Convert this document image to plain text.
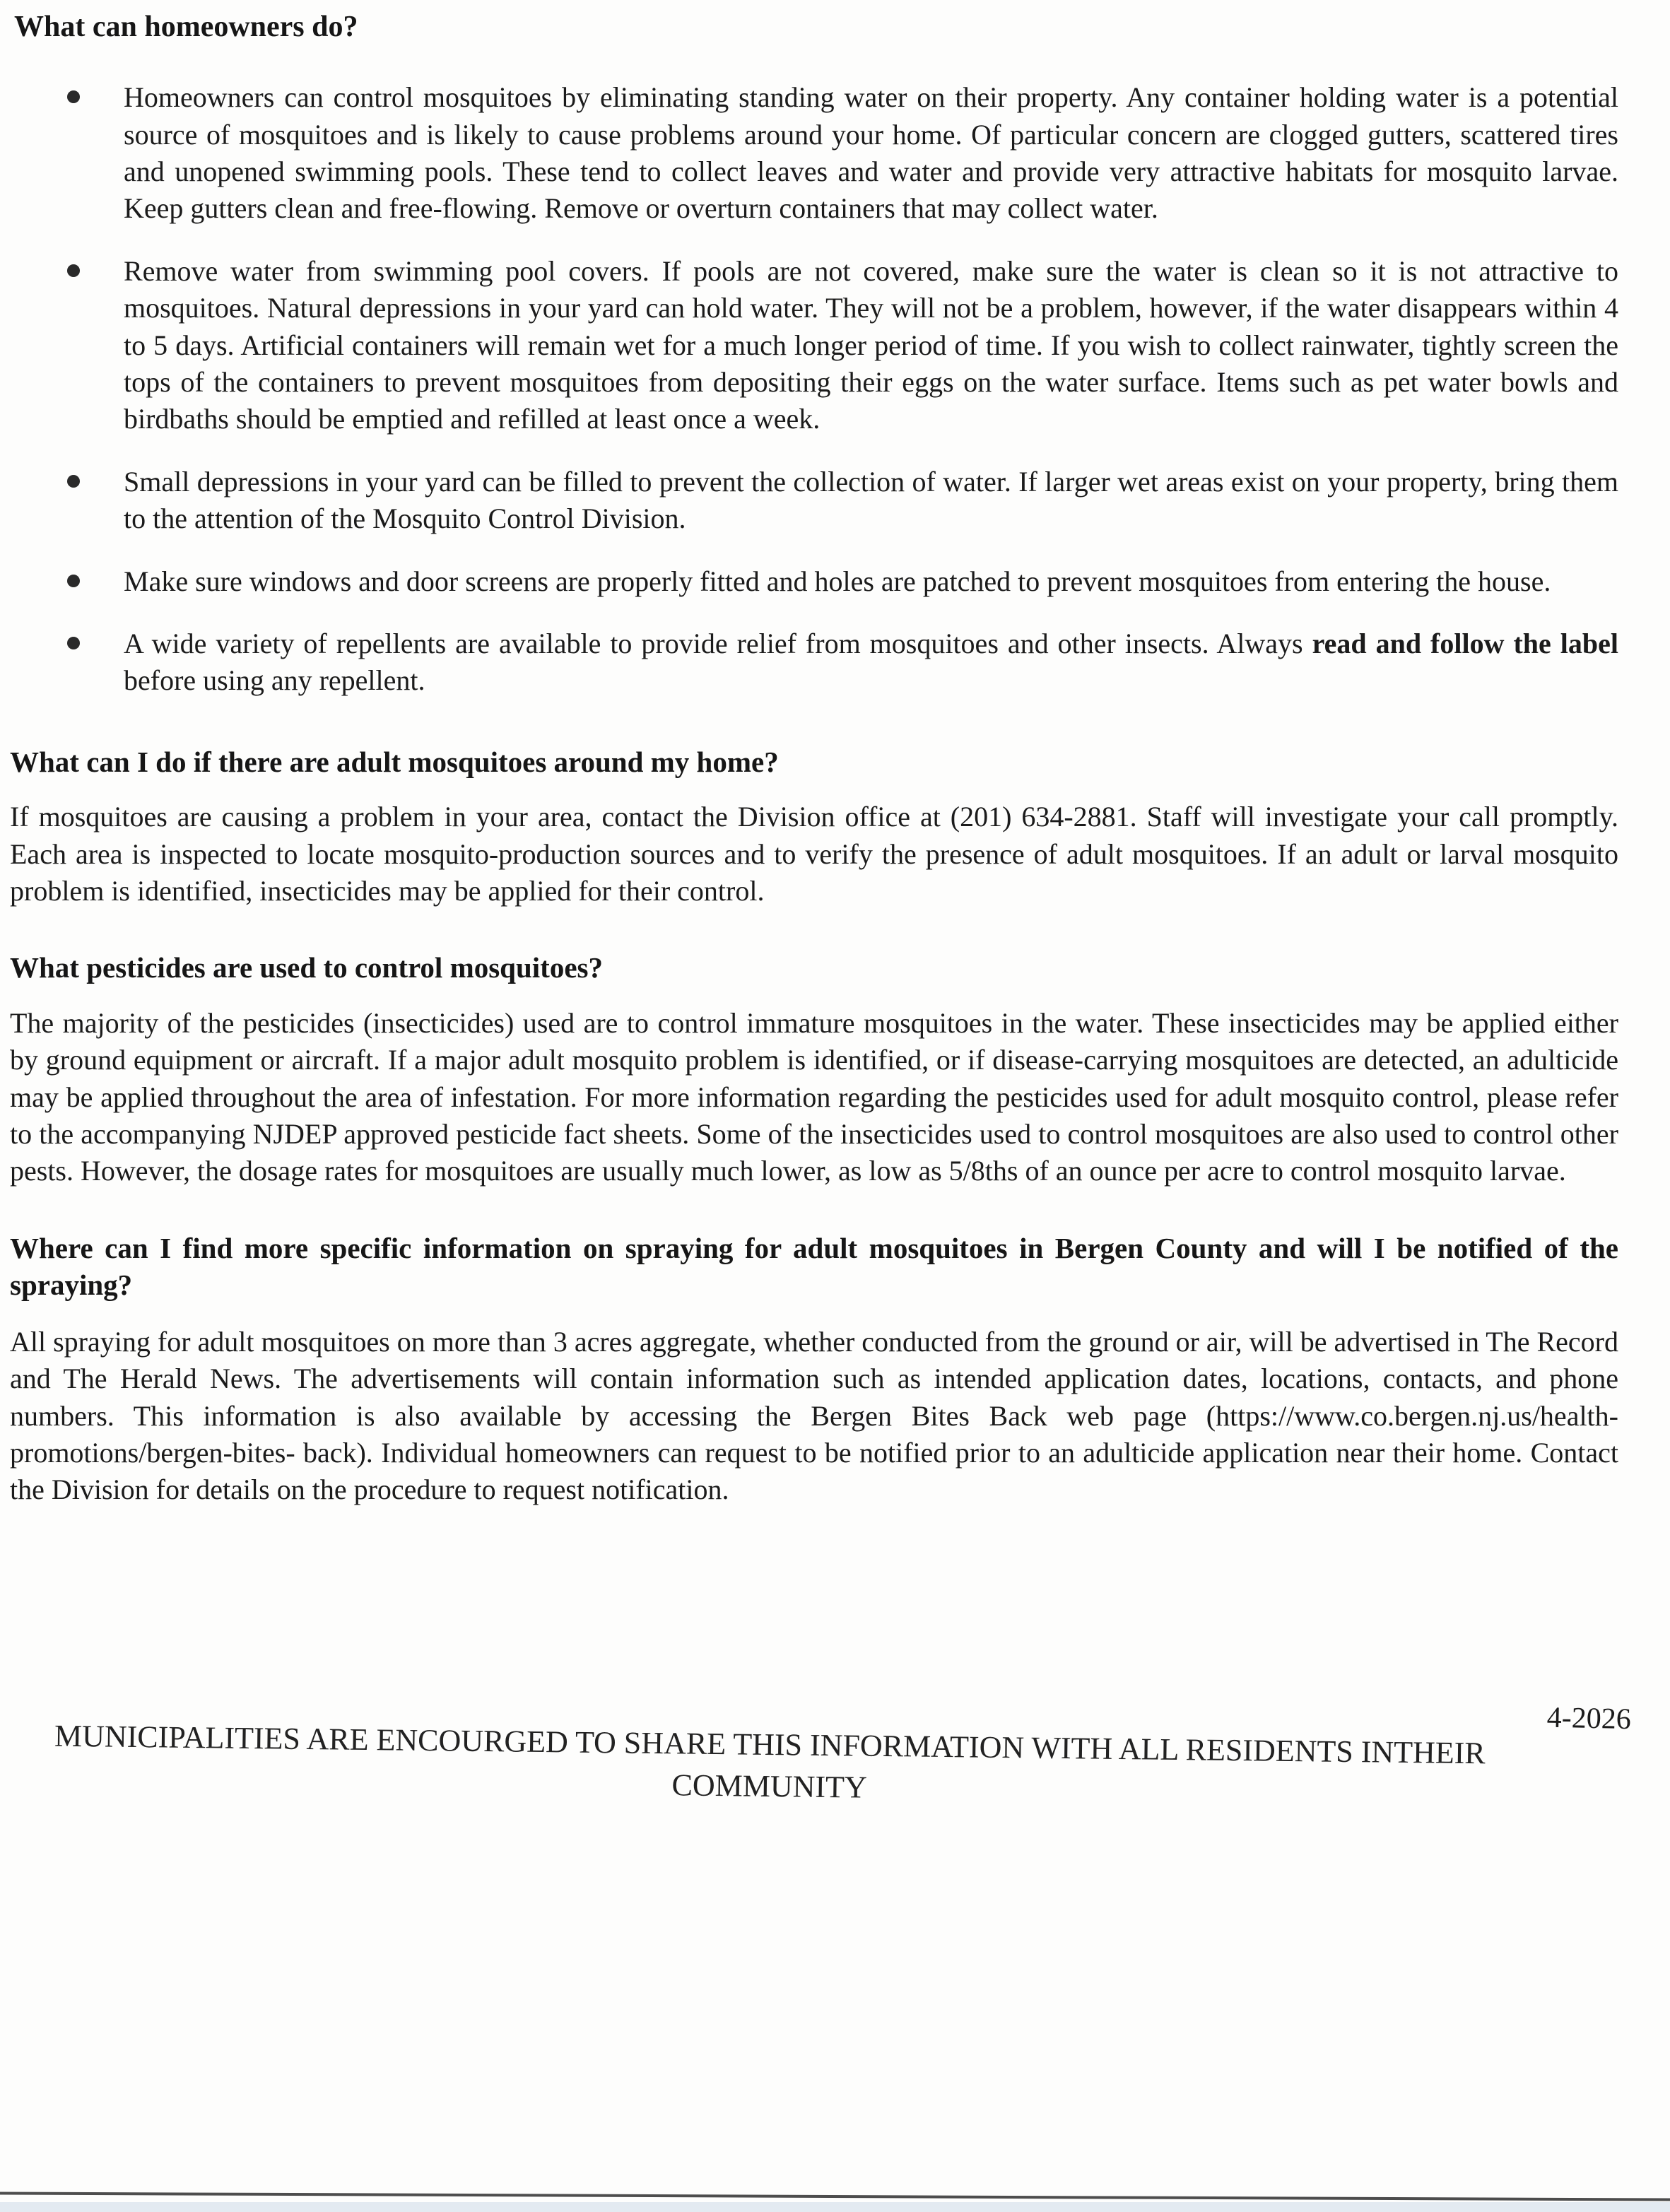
What can homeowners do?
Homeowners can control mosquitoes by eliminating standing water on their property. Any container holding water is a potential source of mosquitoes and is likely to cause problems around your home. Of particular concern are clogged gutters, scattered tires and unopened swimming pools. These tend to collect leaves and water and provide very attractive habitats for mosquito larvae. Keep gutters clean and free-flowing. Remove or overturn containers that may collect water.
Remove water from swimming pool covers. If pools are not covered, make sure the water is clean so it is not attractive to mosquitoes. Natural depressions in your yard can hold water. They will not be a problem, however, if the water disappears within 4 to 5 days. Artificial containers will remain wet for a much longer period of time. If you wish to collect rainwater, tightly screen the tops of the containers to prevent mosquitoes from depositing their eggs on the water surface. Items such as pet water bowls and birdbaths should be emptied and refilled at least once a week.
Small depressions in your yard can be filled to prevent the collection of water. If larger wet areas exist on your property, bring them to the attention of the Mosquito Control Division.
Make sure windows and door screens are properly fitted and holes are patched to prevent mosquitoes from entering the house.
A wide variety of repellents are available to provide relief from mosquitoes and other insects. Always read and follow the label before using any repellent.
What can I do if there are adult mosquitoes around my home?

If mosquitoes are causing a problem in your area, contact the Division office at (201) 634-2881. Staff will investigate your call promptly. Each area is inspected to locate mosquito-production sources and to verify the presence of adult mosquitoes. If an adult or larval mosquito problem is identified, insecticides may be applied for their control.

What pesticides are used to control mosquitoes?

The majority of the pesticides (insecticides) used are to control immature mosquitoes in the water. These insecticides may be applied either by ground equipment or aircraft. If a major adult mosquito problem is identified, or if disease-carrying mosquitoes are detected, an adulticide may be applied throughout the area of infestation. For more information regarding the pesticides used for adult mosquito control, please refer to the accompanying NJDEP approved pesticide fact sheets. Some of the insecticides used to control mosquitoes are also used to control other pests. However, the dosage rates for mosquitoes are usually much lower, as low as 5/8ths of an ounce per acre to control mosquito larvae.

Where can I find more specific information on spraying for adult mosquitoes in Bergen County and will I be notified of the spraying?

All spraying for adult mosquitoes on more than 3 acres aggregate, whether conducted from the ground or air, will be advertised in The Record and The Herald News. The advertisements will contain information such as intended application dates, locations, contacts, and phone numbers. This information is also available by accessing the Bergen Bites Back web page (https://www.co.bergen.nj.us/health-promotions/bergen-bites- back). Individual homeowners can request to be notified prior to an adulticide application near their home. Contact the Division for details on the procedure to request notification.

4-2026
MUNICIPALITIES ARE ENCOURGED TO SHARE THIS INFORMATION WITH ALL RESIDENTS INTHEIR COMMUNITY
